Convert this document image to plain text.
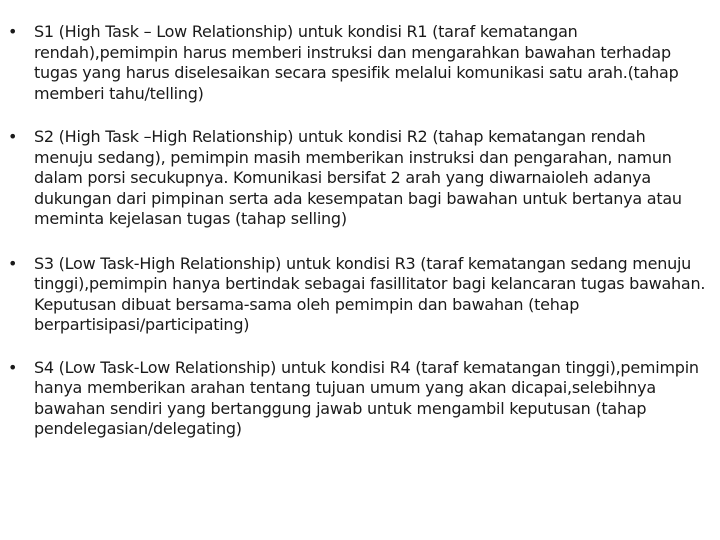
•	S1 (High Task – Low Relationship) untuk kondisi R1 (taraf kematangan rendah),pemimpin harus memberi instruksi dan mengarahkan bawahan terhadap tugas yang harus diselesaikan secara spesifik melalui komunikasi satu arah.(tahap memberi tahu/telling)
•	S2 (High Task –High Relationship) untuk kondisi R2 (tahap kematangan rendah menuju sedang), pemimpin masih memberikan instruksi dan pengarahan, namun dalam porsi secukupnya. Komunikasi bersifat 2 arah yang diwarnaioleh adanya dukungan dari pimpinan serta ada kesempatan bagi bawahan untuk bertanya atau meminta kejelasan tugas (tahap selling)
•	S3 (Low Task-High Relationship) untuk kondisi R3 (taraf kematangan sedang menuju tinggi),pemimpin hanya bertindak sebagai fasillitator bagi kelancaran tugas bawahan. Keputusan dibuat bersama-sama oleh pemimpin dan bawahan (tehap berpartisipasi/participating)
•	S4 (Low Task-Low Relationship) untuk kondisi R4 (taraf kematangan tinggi),pemimpin hanya memberikan arahan tentang tujuan umum yang akan dicapai,selebihnya bawahan sendiri yang bertanggung jawab untuk mengambil keputusan (tahap pendelegasian/delegating)
